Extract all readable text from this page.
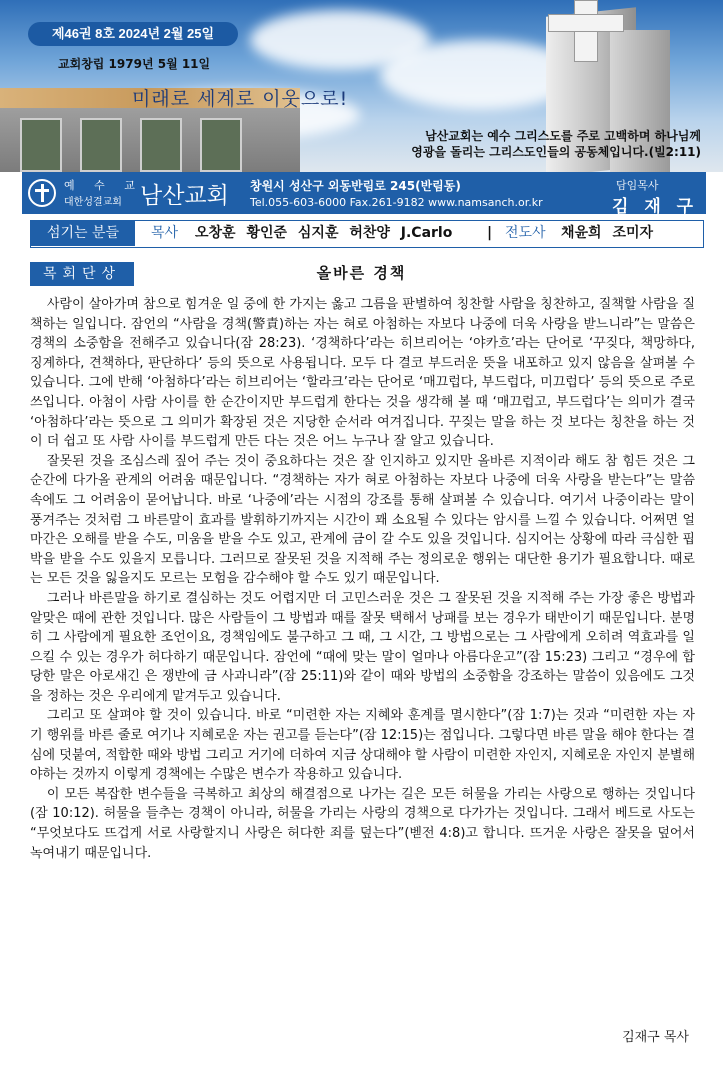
제46권 8호 2024년 2월 25일
교회창립 1979년 5월 11일
미래로 세계로 이웃으로!
남산교회는 예수 그리스도를 주로 고백하며 하나님께
영광을 돌리는 그리스도인들의 공동체입니다.(빌2:11)
예 수 교
대한성결교회 남산교회 창원시 성산구 외동반림로 245(반림동)
Tel.055-603-6000 Fax.261-9182 www.namsanch.or.kr
담임목사
김 재 구
섬기는 분들	목사 오창훈 황인준 심지훈 허찬양 J.Carlo | 전도사 채윤희 조미자
올바른 경책
목회단상

사람이 살아가며 참으로 힘겨운 일 중에 한 가지는 옳고 그름을 판별하여 칭찬할 사람을 칭찬하고, 질책할 사람을 질책하는 일입니다. 잠언의 “사람을 경책(警責)하는 자는 혀로 아첨하는 자보다 나중에 더욱 사랑을 받느니라”는 말씀은 경책의 소중함을 전해주고 있습니다(잠 28:23). ‘경책하다’라는 히브리어는 ‘야카흐’라는 단어로 ‘꾸짖다, 책망하다, 징계하다, 견책하다, 판단하다’ 등의 뜻으로 사용됩니다. 모두 다 결코 부드러운 뜻을 내포하고 있지 않음을 살펴볼 수 있습니다. 그에 반해 ‘아첨하다’라는 히브리어는 ‘할라크’라는 단어로 ‘매끄럽다, 부드럽다, 미끄럽다’ 등의 뜻으로 주로 쓰입니다. 아첨이 사람 사이를 한 순간이지만 부드럽게 한다는 것을 생각해 볼 때 ‘매끄럽고, 부드럽다’는 의미가 결국 ‘아첨하다’라는 뜻으로 그 의미가 확장된 것은 지당한 순서라 여겨집니다. 꾸짖는 말을 하는 것 보다는 칭찬을 하는 것이 더 쉽고 또 사람 사이를 부드럽게 만든 다는 것은 어느 누구나 잘 알고 있습니다.

잘못된 것을 조심스레 짚어 주는 것이 중요하다는 것은 잘 인지하고 있지만 올바른 지적이라 해도 참 힘든 것은 그 순간에 다가올 관계의 어려움 때문입니다. “경책하는 자가 혀로 아첨하는 자보다 나중에 더욱 사랑을 받는다”는 말씀 속에도 그 어려움이 묻어납니다. 바로 ‘나중에’라는 시점의 강조를 통해 살펴볼 수 있습니다. 여기서 나중이라는 말이 풍겨주는 것처럼 그 바른말이 효과를 발휘하기까지는 시간이 꽤 소요될 수 있다는 암시를 느낄 수 있습니다. 어쩌면 얼마간은 오해를 받을 수도, 미움을 받을 수도 있고, 관계에 금이 갈 수도 있을 것입니다. 심지어는 상황에 따라 극심한 핍박을 받을 수도 있을지 모릅니다. 그러므로 잘못된 것을 지적해 주는 정의로운 행위는 대단한 용기가 필요합니다. 때로는 모든 것을 잃을지도 모르는 모험을 감수해야 할 수도 있기 때문입니다.

그러나 바른말을 하기로 결심하는 것도 어렵지만 더 고민스러운 것은 그 잘못된 것을 지적해 주는 가장 좋은 방법과 알맞은 때에 관한 것입니다. 많은 사람들이 그 방법과 때를 잘못 택해서 낭패를 보는 경우가 태반이기 때문입니다. 분명히 그 사람에게 필요한 조언이요, 경책임에도 불구하고 그 때, 그 시간, 그 방법으로는 그 사람에게 오히려 역효과를 일으킬 수 있는 경우가 허다하기 때문입니다. 잠언에 “때에 맞는 말이 얼마나 아름다운고”(잠 15:23) 그리고 “경우에 합당한 말은 아로새긴 은 쟁반에 금 사과니라”(잠 25:11)와 같이 때와 방법의 소중함을 강조하는 말씀이 있음에도 그것을 정하는 것은 우리에게 맡겨두고 있습니다.

그리고 또 살펴야 할 것이 있습니다. 바로 “미련한 자는 지혜와 훈계를 멸시한다”(잠 1:7)는 것과 “미련한 자는 자기 행위를 바른 줄로 여기나 지혜로운 자는 권고를 듣는다”(잠 12:15)는 점입니다. 그렇다면 바른 말을 해야 한다는 결심에 덧붙여, 적합한 때와 방법 그리고 거기에 더하여 지금 상대해야 할 사람이 미련한 자인지, 지혜로운 자인지 분별해야하는 것까지 이렇게 경책에는 수많은 변수가 작용하고 있습니다.

이 모든 복잡한 변수들을 극복하고 최상의 해결점으로 나가는 길은 모든 허물을 가리는 사랑으로 행하는 것입니다(잠 10:12). 허물을 들추는 경책이 아니라, 허물을 가리는 사랑의 경책으로 다가가는 것입니다. 그래서 베드로 사도는 “무엇보다도 뜨겁게 서로 사랑할지니 사랑은 허다한 죄를 덮는다”(벧전 4:8)고 합니다. 뜨거운 사랑은 잘못을 덮어서 녹여내기 때문입니다.

김재구 목사
